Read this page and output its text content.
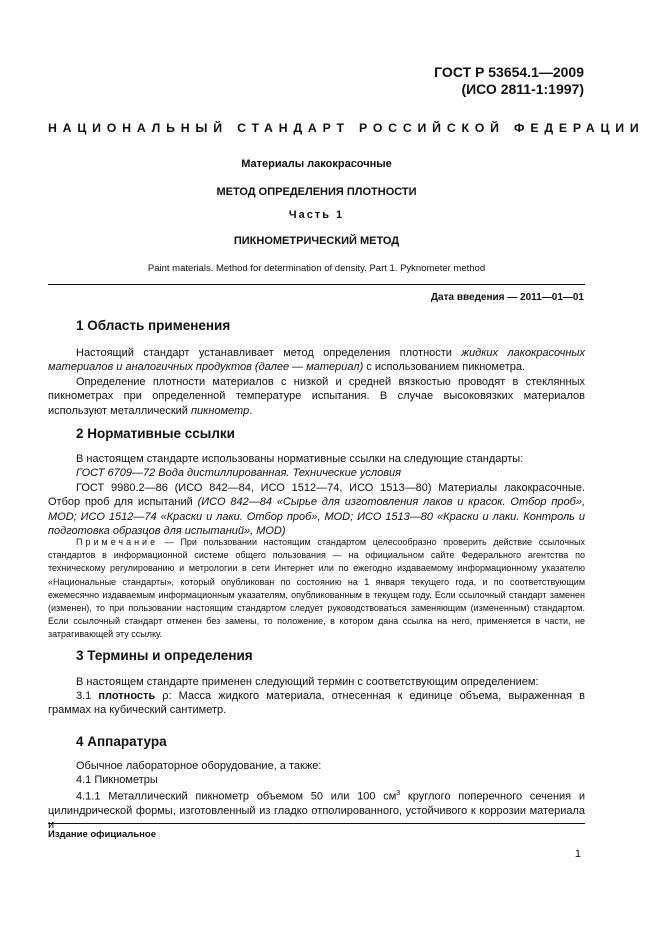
ГОСТ Р 53654.1—2009
(ИСО 2811-1:1997)
НАЦИОНАЛЬНЫЙ СТАНДАРТ РОССИЙСКОЙ ФЕДЕРАЦИИ
Материалы лакокрасочные
МЕТОД ОПРЕДЕЛЕНИЯ ПЛОТНОСТИ
Часть 1
ПИКНОМЕТРИЧЕСКИЙ МЕТОД
Paint materials. Method for determination of density. Part 1. Pyknometer method
Дата введения — 2011—01—01
1 Область применения
Настоящий стандарт устанавливает метод определения плотности жидких лакокрасочных материалов и аналогичных продуктов (далее — материал) с использованием пикнометра.
Определение плотности материалов с низкой и средней вязкостью проводят в стеклянных пикнометрах при определенной температуре испытания. В случае высоковязких материалов используют металлический пикнометр.
2 Нормативные ссылки
В настоящем стандарте использованы нормативные ссылки на следующие стандарты:
ГОСТ 6709—72 Вода дистиллированная. Технические условия
ГОСТ 9980.2—86 (ИСО 842—84, ИСО 1512—74, ИСО 1513—80) Материалы лакокрасочные. Отбор проб для испытаний (ИСО 842—84 «Сырье для изготовления лаков и красок. Отбор проб», MOD; ИСО 1512—74 «Краски и лаки. Отбор проб», MOD; ИСО 1513—80 «Краски и лаки. Контроль и подготовка образцов для испытаний», MOD)
Примечание — При пользовании настоящим стандартом целесообразно проверить действие ссылочных стандартов в информационной системе общего пользования — на официальном сайте Федерального агентства по техническому регулированию и метрологии в сети Интернет или по ежегодно издаваемому информационному указателю «Национальные стандарты», который опубликован по состоянию на 1 января текущего года, и по соответствующим ежемесячно издаваемым информационным указателям, опубликованным в текущем году. Если ссылочный стандарт заменен (изменен), то при пользовании настоящим стандартом следует руководствоваться заменяющим (измененным) стандартом. Если ссылочный стандарт отменен без замены, то положение, в котором дана ссылка на него, применяется в части, не затрагивающей эту ссылку.
3 Термины и определения
В настоящем стандарте применен следующий термин с соответствующим определением:
3.1 плотность ρ: Масса жидкого материала, отнесенная к единице объема, выраженная в граммах на кубический сантиметр.
4 Аппаратура
Обычное лабораторное оборудование, а также:
4.1 Пикнометры
4.1.1 Металлический пикнометр объемом 50 или 100 $см^3$ круглого поперечного сечения и цилиндрической формы, изготовленный из гладко отполированного, устойчивого к коррозии материала и
Издание официальное
1
